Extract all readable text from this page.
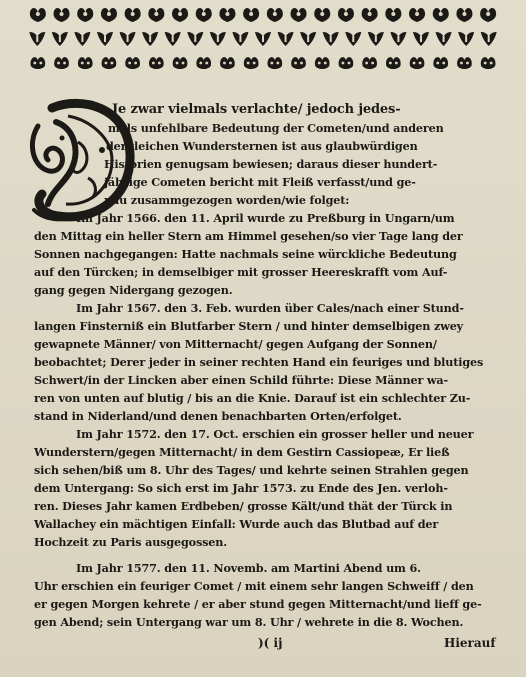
Je zwar vielmals verlachte/ jedoch jedes-
mals unfehlbare Bedeutung der Cometen/und anderen
dergleichen Wundersternen ist aus glaubwürdigen
Historien genugsam bewiesen; daraus dieser hundert-
jährige Cometen bericht mit Fleiß verfasst/und ge-
nau zusammgezogen worden/wie folget:
Im Jahr 1566. den 11. April wurde zu Preßburg in Ungarn/um
den Mittag ein heller Stern am Himmel gesehen/so vier Tage lang der
Sonnen nachgegangen: Hatte nachmals seine würckliche Bedeutung
auf den Türcken; in demselbiger mit grosser Heereskrafft vom Auf-
gang gegen Nidergang gezogen.
Im Jahr 1567. den 3. Feb. wurden über Cales/nach einer Stund-
langen Finsterniß ein Blutfarber Stern / und hinter demselbigen zwey
gewapnete Männer/ von Mitternacht/ gegen Aufgang der Sonnen/
beobachtet; Derer jeder in seiner rechten Hand ein feuriges und blutiges
Schwert/in der Lincken aber einen Schild führte: Diese Männer wa-
ren von unten auf blutig / bis an die Knie. Darauf ist ein schlechter Zu-
stand in Niderland/und denen benachbarten Orten/erfolget.
Im Jahr 1572. den 17. Oct. erschien ein grosser heller und neuer
Wunderstern/gegen Mitternacht/ in dem Gestirn Cassiopeæ, Er ließ
sich sehen/biß um 8. Uhr des Tages/ und kehrte seinen Strahlen gegen
dem Untergang: So sich erst im Jahr 1573. zu Ende des Jen. verloh-
ren. Dieses Jahr kamen Erdbeben/ grosse Kält/und thät der Türck in
Wallachey ein mächtigen Einfall: Wurde auch das Blutbad auf der
Hochzeit zu Paris ausgegossen.
Im Jahr 1577. den 11. Novemb. am Martini Abend um 6.
Uhr erschien ein feuriger Comet / mit einem sehr langen Schweiff / den
er gegen Morgen kehrete / er aber stund gegen Mitternacht/und lieff ge-
gen Abend; sein Untergang war um 8. Uhr / wehrete in die 8. Wochen.
)( ij	Hierauf
